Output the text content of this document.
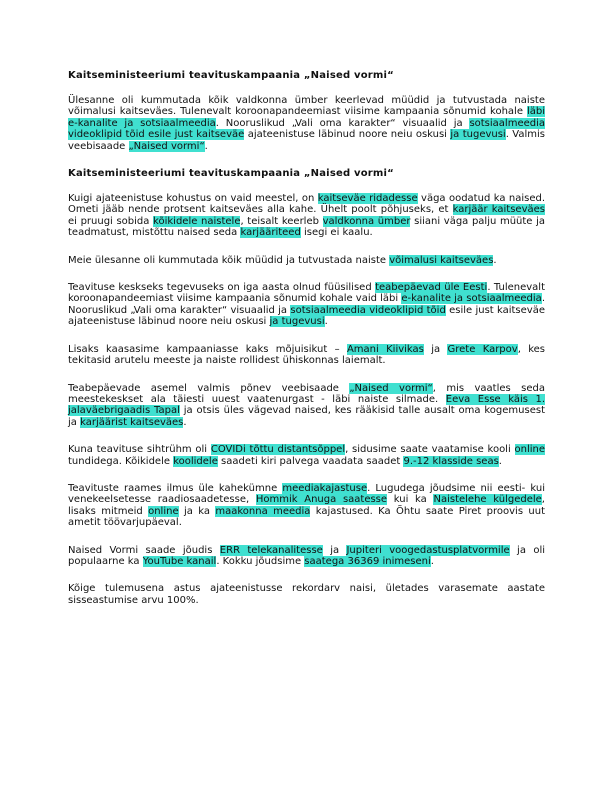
Kaitseministeeriumi teavituskampaania „Naised vormi“

Ülesanne oli kummutada kõik valdkonna ümber keerlevad müüdid ja tutvustada naiste võimalusi kaitseväes. Tulenevalt koroonapandeemiast viisime kampaania sõnumid kohale läbi e-kanalite ja sotsiaalmeedia. Nooruslikud „Vali oma karakter“ visuaalid ja sotsiaalmeedia videoklipid tõid esile just kaitseväe ajateenistuse läbinud noore neiu oskusi ja tugevusi. Valmis veebisaade „Naised vormi“.

Kaitseministeeriumi teavituskampaania „Naised vormi“

Kuigi ajateenistuse kohustus on vaid meestel, on kaitseväe ridadesse väga oodatud ka naised. Ometi jääb nende protsent kaitseväes alla kahe. Ühelt poolt põhjuseks, et karjäär kaitseväes ei pruugi sobida kõikidele naistele, teisalt keerleb valdkonna ümber siiani väga palju müüte ja teadmatust, mistõttu naised seda karjääriteed isegi ei kaalu.

Meie ülesanne oli kummutada kõik müüdid ja tutvustada naiste võimalusi kaitseväes.

Teavituse keskseks tegevuseks on iga aasta olnud füüsilised teabepäevad üle Eesti. Tulenevalt koroonapandeemiast viisime kampaania sõnumid kohale vaid läbi e-kanalite ja sotsiaalmeedia. Nooruslikud „Vali oma karakter“ visuaalid ja sotsiaalmeedia videoklipid tõid esile just kaitseväe ajateenistuse läbinud noore neiu oskusi ja tugevusi.

Lisaks kaasasime kampaaniasse kaks mõjuisikut – Amani Kiivikas ja Grete Karpov, kes tekitasid arutelu meeste ja naiste rollidest ühiskonnas laiemalt.

Teabepäevade asemel valmis põnev veebisaade „Naised vormi“, mis vaatles seda meestekeskset ala täiesti uuest vaatenurgast - läbi naiste silmade. Eeva Esse käis 1. jalaväebrigaadis Tapal ja otsis üles vägevad naised, kes rääkisid talle ausalt oma kogemusest ja karjäärist kaitseväes.

Kuna teavituse sihtrühm oli COVIDi tõttu distantsõppel, sidusime saate vaatamise kooli online tundidega. Kõikidele koolidele saadeti kiri palvega vaadata saadet 9.-12 klasside seas.

Teavituste raames ilmus üle kahekümne meediakajastuse. Lugudega jõudsime nii eesti- kui venekeelsetesse raadiosaadetesse, Hommik Anuga saatesse kui ka Naistelehe külgedele, lisaks mitmeid online ja ka maakonna meedia kajastused. Ka Õhtu saate Piret proovis uut ametit töövarjupäeval.

Naised Vormi saade jõudis ERR telekanalitesse ja Jupiteri voogedastusplatvormile ja oli populaarne ka YouTube kanail. Kokku jõudsime saatega 36369 inimeseni.

Kõige tulemusena astus ajateenistusse rekordarv naisi, ületades varasemate aastate sisseastumise arvu 100%.
